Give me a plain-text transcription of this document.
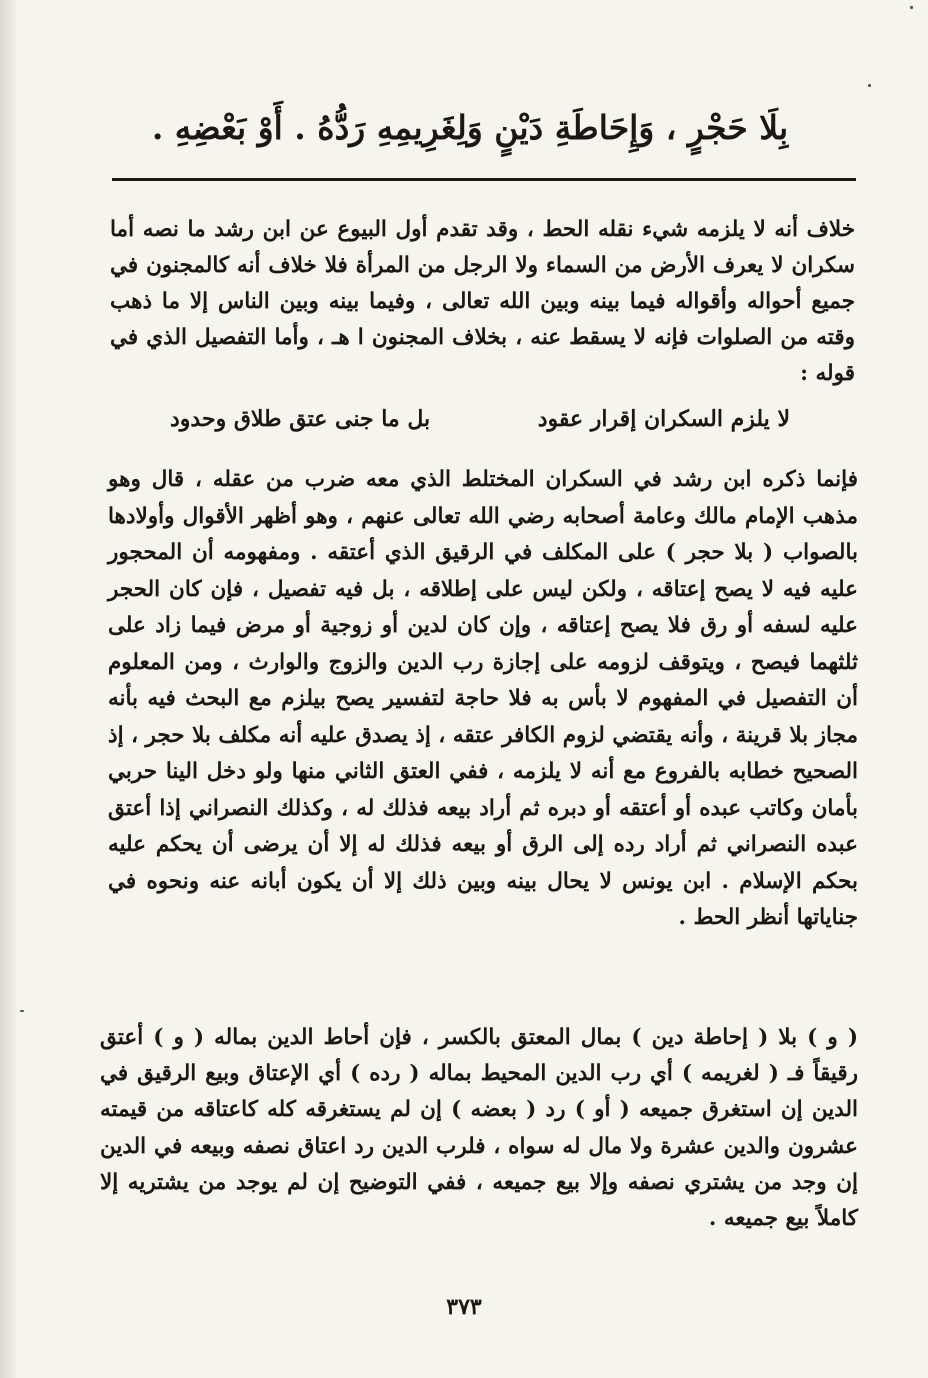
بِلَا حَجْرٍ ، وَإِحَاطَةِ دَيْنٍ وَلِغَرِيمِهِ رَدُّهُ . أَوْ بَعْضِهِ .
خلاف أنه لا يلزمه شيء نقله الحط ، وقد تقدم أول البيوع عن ابن رشد ما نصه أما سكران لا يعرف الأرض من السماء ولا الرجل من المرأة فلا خلاف أنه كالمجنون في جميع أحواله وأقواله فيما بينه وبين الله تعالى ، وفيما بينه وبين الناس إلا ما ذهب وقته من الصلوات فإنه لا يسقط عنه ، بخلاف المجنون ا هـ ، وأما التفصيل الذي في قوله :
لا يلزم السكران إقرار عقود
بل ما جنى عتق طلاق وحدود
فإنما ذكره ابن رشد في السكران المختلط الذي معه ضرب من عقله ، قال وهو مذهب الإمام مالك وعامة أصحابه رضي الله تعالى عنهم ، وهو أظهر الأقوال وأولادها بالصواب ( بلا حجر ) على المكلف في الرقيق الذي أعتقه . ومفهومه أن المحجور عليه فيه لا يصح إعتاقه ، ولكن ليس على إطلاقه ، بل فيه تفصيل ، فإن كان الحجر عليه لسفه أو رق فلا يصح إعتاقه ، وإن كان لدين أو زوجية أو مرض فيما زاد على ثلثهما فيصح ، ويتوقف لزومه على إجازة رب الدين والزوج والوارث ، ومن المعلوم أن التفصيل في المفهوم لا بأس به فلا حاجة لتفسير يصح بيلزم مع البحث فيه بأنه مجاز بلا قرينة ، وأنه يقتضي لزوم الكافر عتقه ، إذ يصدق عليه أنه مكلف بلا حجر ، إذ الصحيح خطابه بالفروع مع أنه لا يلزمه ، ففي العتق الثاني منها ولو دخل الينا حربي بأمان وكاتب عبده أو أعتقه أو دبره ثم أراد بيعه فذلك له ، وكذلك النصراني إذا أعتق عبده النصراني ثم أراد رده إلى الرق أو بيعه فذلك له إلا أن يرضى أن يحكم عليه بحكم الإسلام . ابن يونس لا يحال بينه وبين ذلك إلا أن يكون أبانه عنه ونحوه في جناياتها أنظر الحط .
( و ) بلا ( إحاطة دين ) بمال المعتق بالكسر ، فإن أحاط الدين بماله ( و ) أعتق رقيقاً فـ ( لغريمه ) أي رب الدين المحيط بماله ( رده ) أي الإعتاق وبيع الرقيق في الدين إن استغرق جميعه ( أو ) رد ( بعضه ) إن لم يستغرقه كله كاعتاقه من قيمته عشرون والدين عشرة ولا مال له سواه ، فلرب الدين رد اعتاق نصفه وبيعه في الدين إن وجد من يشتري نصفه وإلا بيع جميعه ، ففي التوضيح إن لم يوجد من يشتريه إلا كاملاً بيع جميعه .
٣٧٣
